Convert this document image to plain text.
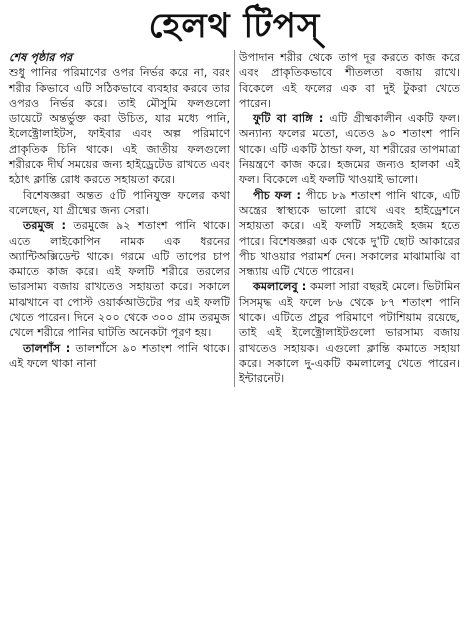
হেলথ টিপস্

শেষ পৃষ্ঠার পর
শুধু পানির পরিমাণের ওপর নির্ভর করে না, বরং শরীর কিভাবে এটি সঠিকভাবে ব্যবহার করবে তার ওপরও নির্ভর করে। তাই মৌসুমি ফলগুলো ডায়েটে অন্তর্ভুক্ত করা উচিত, যার মধ্যে পানি, ইলেক্ট্রোলাইটস, ফাইবার এবং অল্প পরিমাণে প্রাকৃতিক চিনি থাকে। এই জাতীয় ফলগুলো শরীরকে দীর্ঘ সময়ের জন্য হাইড্রেটেড রাখতে এবং হঠাৎ ক্লান্তি রোধ করতে সহায়তা করে।

বিশেষজ্ঞরা অন্তত ৫টি পানিযুক্ত ফলের কথা বলেছেন, যা গ্রীষ্মের জন্য সেরা।

তরমুজ : তরমুজে ৯২ শতাংশ পানি থাকে। এতে লাইকোপিন নামক এক ধরনের অ্যান্টিঅক্সিডেন্ট থাকে। গরমে এটি তাপের চাপ কমাতে কাজ করে। এই ফলটি শরীরে তরলের ভারসাম্য বজায় রাখতেও সহায়তা করে। সকালে মাঝখানে বা পোস্ট ওয়ার্কআউটের পর এই ফলটি খেতে পারেন। দিনে ২০০ থেকে ৩০০ গ্রাম তরমুজ খেলে শরীরে পানির ঘাটতি অনেকটা পূরণ হয়।

তালশাঁস : তালশাঁসে ৯০ শতাংশ পানি থাকে। এই ফলে থাকা নানা

উপাদান শরীর থেকে তাপ দূর করতে কাজ করে এবং প্রাকৃতিকভাবে শীতলতা বজায় রাখে। বিকেলে এই ফলের এক বা দুই টুকরা খেতে পারেন।

ফুটি বা বাঙ্গি : এটি গ্রীষ্মকালীন একটি ফল। অন্যান্য ফলের মতো, এতেও ৯০ শতাংশ পানি থাকে। এটি একটি ঠান্ডা ফল, যা শরীরের তাপমাত্রা নিয়ন্ত্রণে কাজ করে। হজমের জন্যও হালকা এই ফল। বিকেলে এই ফলটি খাওয়াই ভালো।

পীচ ফল : পীচে ৮৯ শতাংশ পানি থাকে, এটি অন্ত্রের স্বাস্থ্যকে ভালো রাখে এবং হাইড্রেশনে সহায়তা করে। এই ফলটি সহজেই হজম হতে পারে। বিশেষজ্ঞরা এক থেকে দু'টি ছোট আকারের পীচ খাওয়ার পরামর্শ দেন। সকালের মাঝামাঝি বা সন্ধ্যায় এটি খেতে পারেন।

কমলালেবু : কমলা সারা বছরই মেলে। ভিটামিন সিসমৃদ্ধ এই ফলে ৮৬ থেকে ৮৭ শতাংশ পানি থাকে। এটিতে প্রচুর পরিমাণে পটাশিয়াম রয়েছে, তাই এই ইলেক্ট্রোলাইটগুলো ভারসাম্য বজায় রাখতেও সহায়ক। এগুলো ক্লান্তি কমাতে সহায়া করে। সকালে দু-একটি কমলালেবু খেতে পারেন। ইন্টারনেট।
